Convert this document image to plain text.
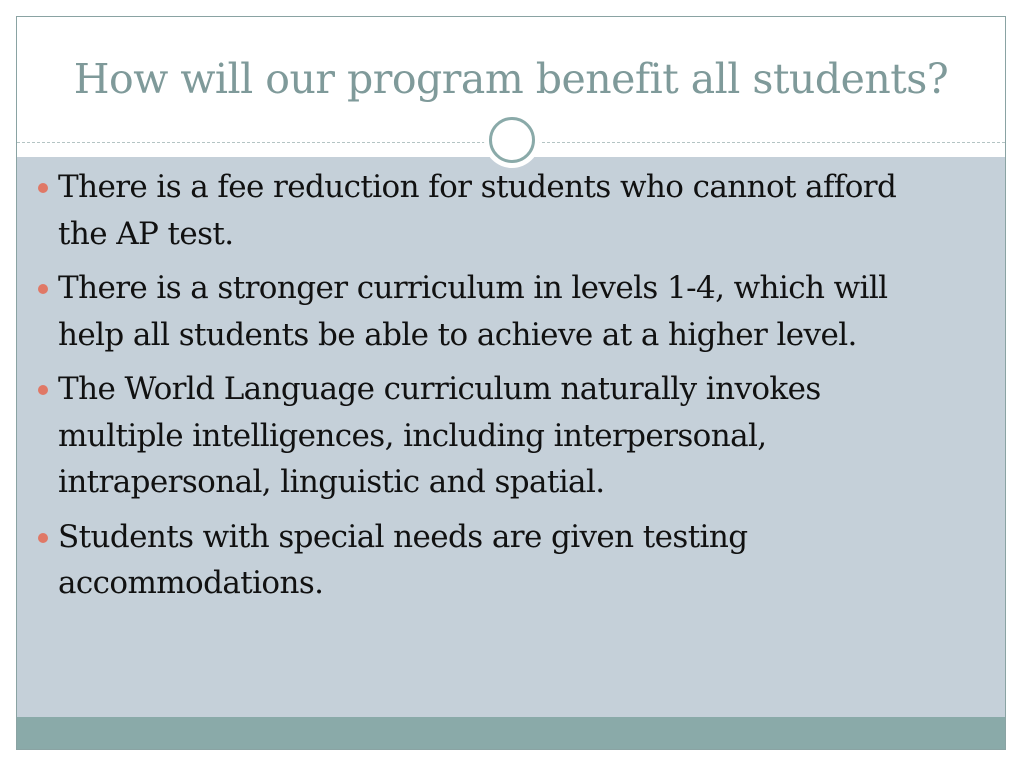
How will our program benefit all students?
There is a fee reduction for students who cannot afford the AP test.
There is a stronger curriculum in levels 1-4, which will help all students be able to achieve at a higher level.
The World Language curriculum naturally invokes multiple intelligences, including interpersonal, intrapersonal, linguistic and spatial.
Students with special needs are given testing accommodations.
